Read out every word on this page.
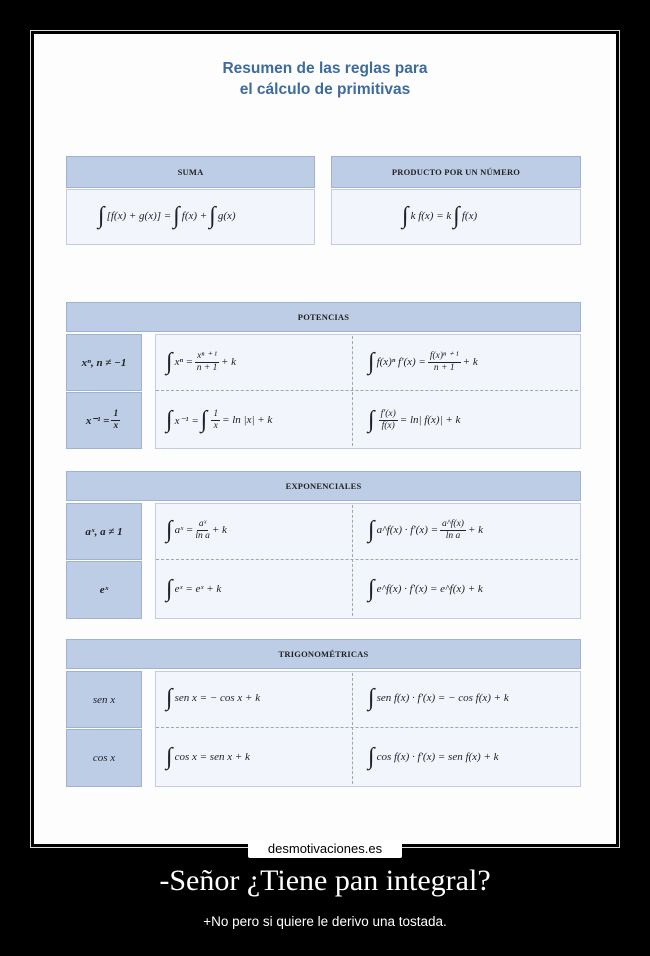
Resumen de las reglas para
el cálculo de primitivas
SUMA
∫ [f(x) + g(x)] = ∫ f(x) + ∫ g(x)
PRODUCTO POR UN NÚMERO
∫ k f(x) = k ∫ f(x)
POTENCIAS
xⁿ, n ≠ −1
$x^{-1} = \frac{1}{x}$
∫ $x^n = \frac{\text{xⁿ ⁺ ¹}}{n + 1} + k$	∫ f(x)ⁿ $f'(x) = \frac{\text{f(x)ⁿ ⁺ ¹}}{n + 1} + k$
∫ x⁻¹ = ∫ $\frac{1}{x} = \ln |x| + k$	∫ $\frac{f'(x)}{f(x)} = \ln|$ f(x)| + k
EXPONENCIALES
aˣ, a ≠ 1
eˣ
∫ aˣ = $\frac{\text{aˣ}}{\text{ln a}} + k$	∫ a^f(x) · $f'(x) = \frac{a\^{}f(x)}{\text{ln a}} + k$
∫ eˣ = eˣ + k	∫ e^f(x) · f'(x) = e^f(x) + k
TRIGONOMÉTRICAS
sen x
cos x
∫ sen x = − cos x + k	∫ sen f(x) · f'(x) = − cos f(x) + k
∫ cos x = sen x + k	∫ cos f(x) · f'(x) = sen f(x) + k
desmotivaciones.es
-Señor ¿Tiene pan integral?
+No pero si quiere le derivo una tostada.
